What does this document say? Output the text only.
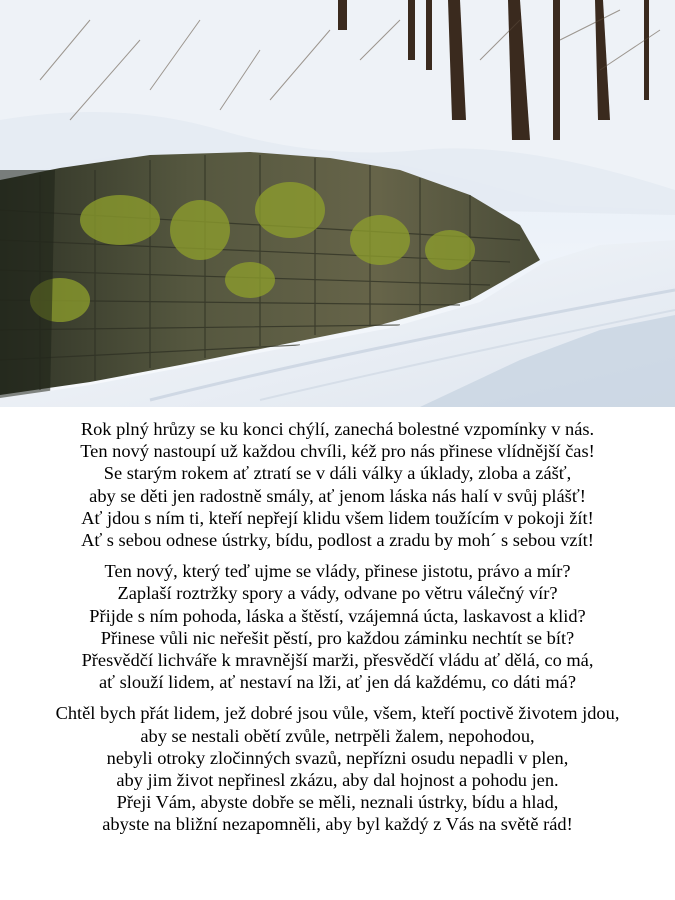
Rok plný hrůzy se ku konci chýlí, zanechá bolestné vzpomínky v nás.
Ten nový nastoupí už každou chvíli, kéž pro nás přinese vlídnější čas!
Se starým rokem ať ztratí se v dáli války a úklady, zloba a zášť,
aby se děti jen radostně smály, ať jenom láska nás halí v svůj plášť!
Ať jdou s ním ti, kteří nepřejí klidu všem lidem toužícím v pokoji žít!
Ať s sebou odnese ústrky, bídu, podlost a zradu by moh´ s sebou vzít!
Ten nový, který teď ujme se vlády, přinese jistotu, právo a mír?
Zaplaší roztržky spory a vády, odvane po větru válečný vír?
Přijde s ním pohoda, láska a štěstí, vzájemná úcta, laskavost a klid?
Přinese vůli nic neřešit pěstí, pro každou záminku nechtít se bít?
Přesvědčí lichváře k mravnější marži, přesvědčí vládu ať dělá, co má,
ať slouží lidem, ať nestaví na lži, ať jen dá každému, co dáti má?
Chtěl bych přát lidem, jež dobré jsou vůle, všem, kteří poctivě životem jdou,
aby se nestali obětí zvůle, netrpěli žalem, nepohodou,
nebyli otroky zločinných svazů, nepřízni osudu nepadli v plen,
aby jim život nepřinesl zkázu, aby dal hojnost a pohodu jen.
Přeji Vám, abyste dobře se měli, neznali ústrky, bídu a hlad,
abyste na bližní nezapomněli, aby byl každý z Vás na světě rád!
